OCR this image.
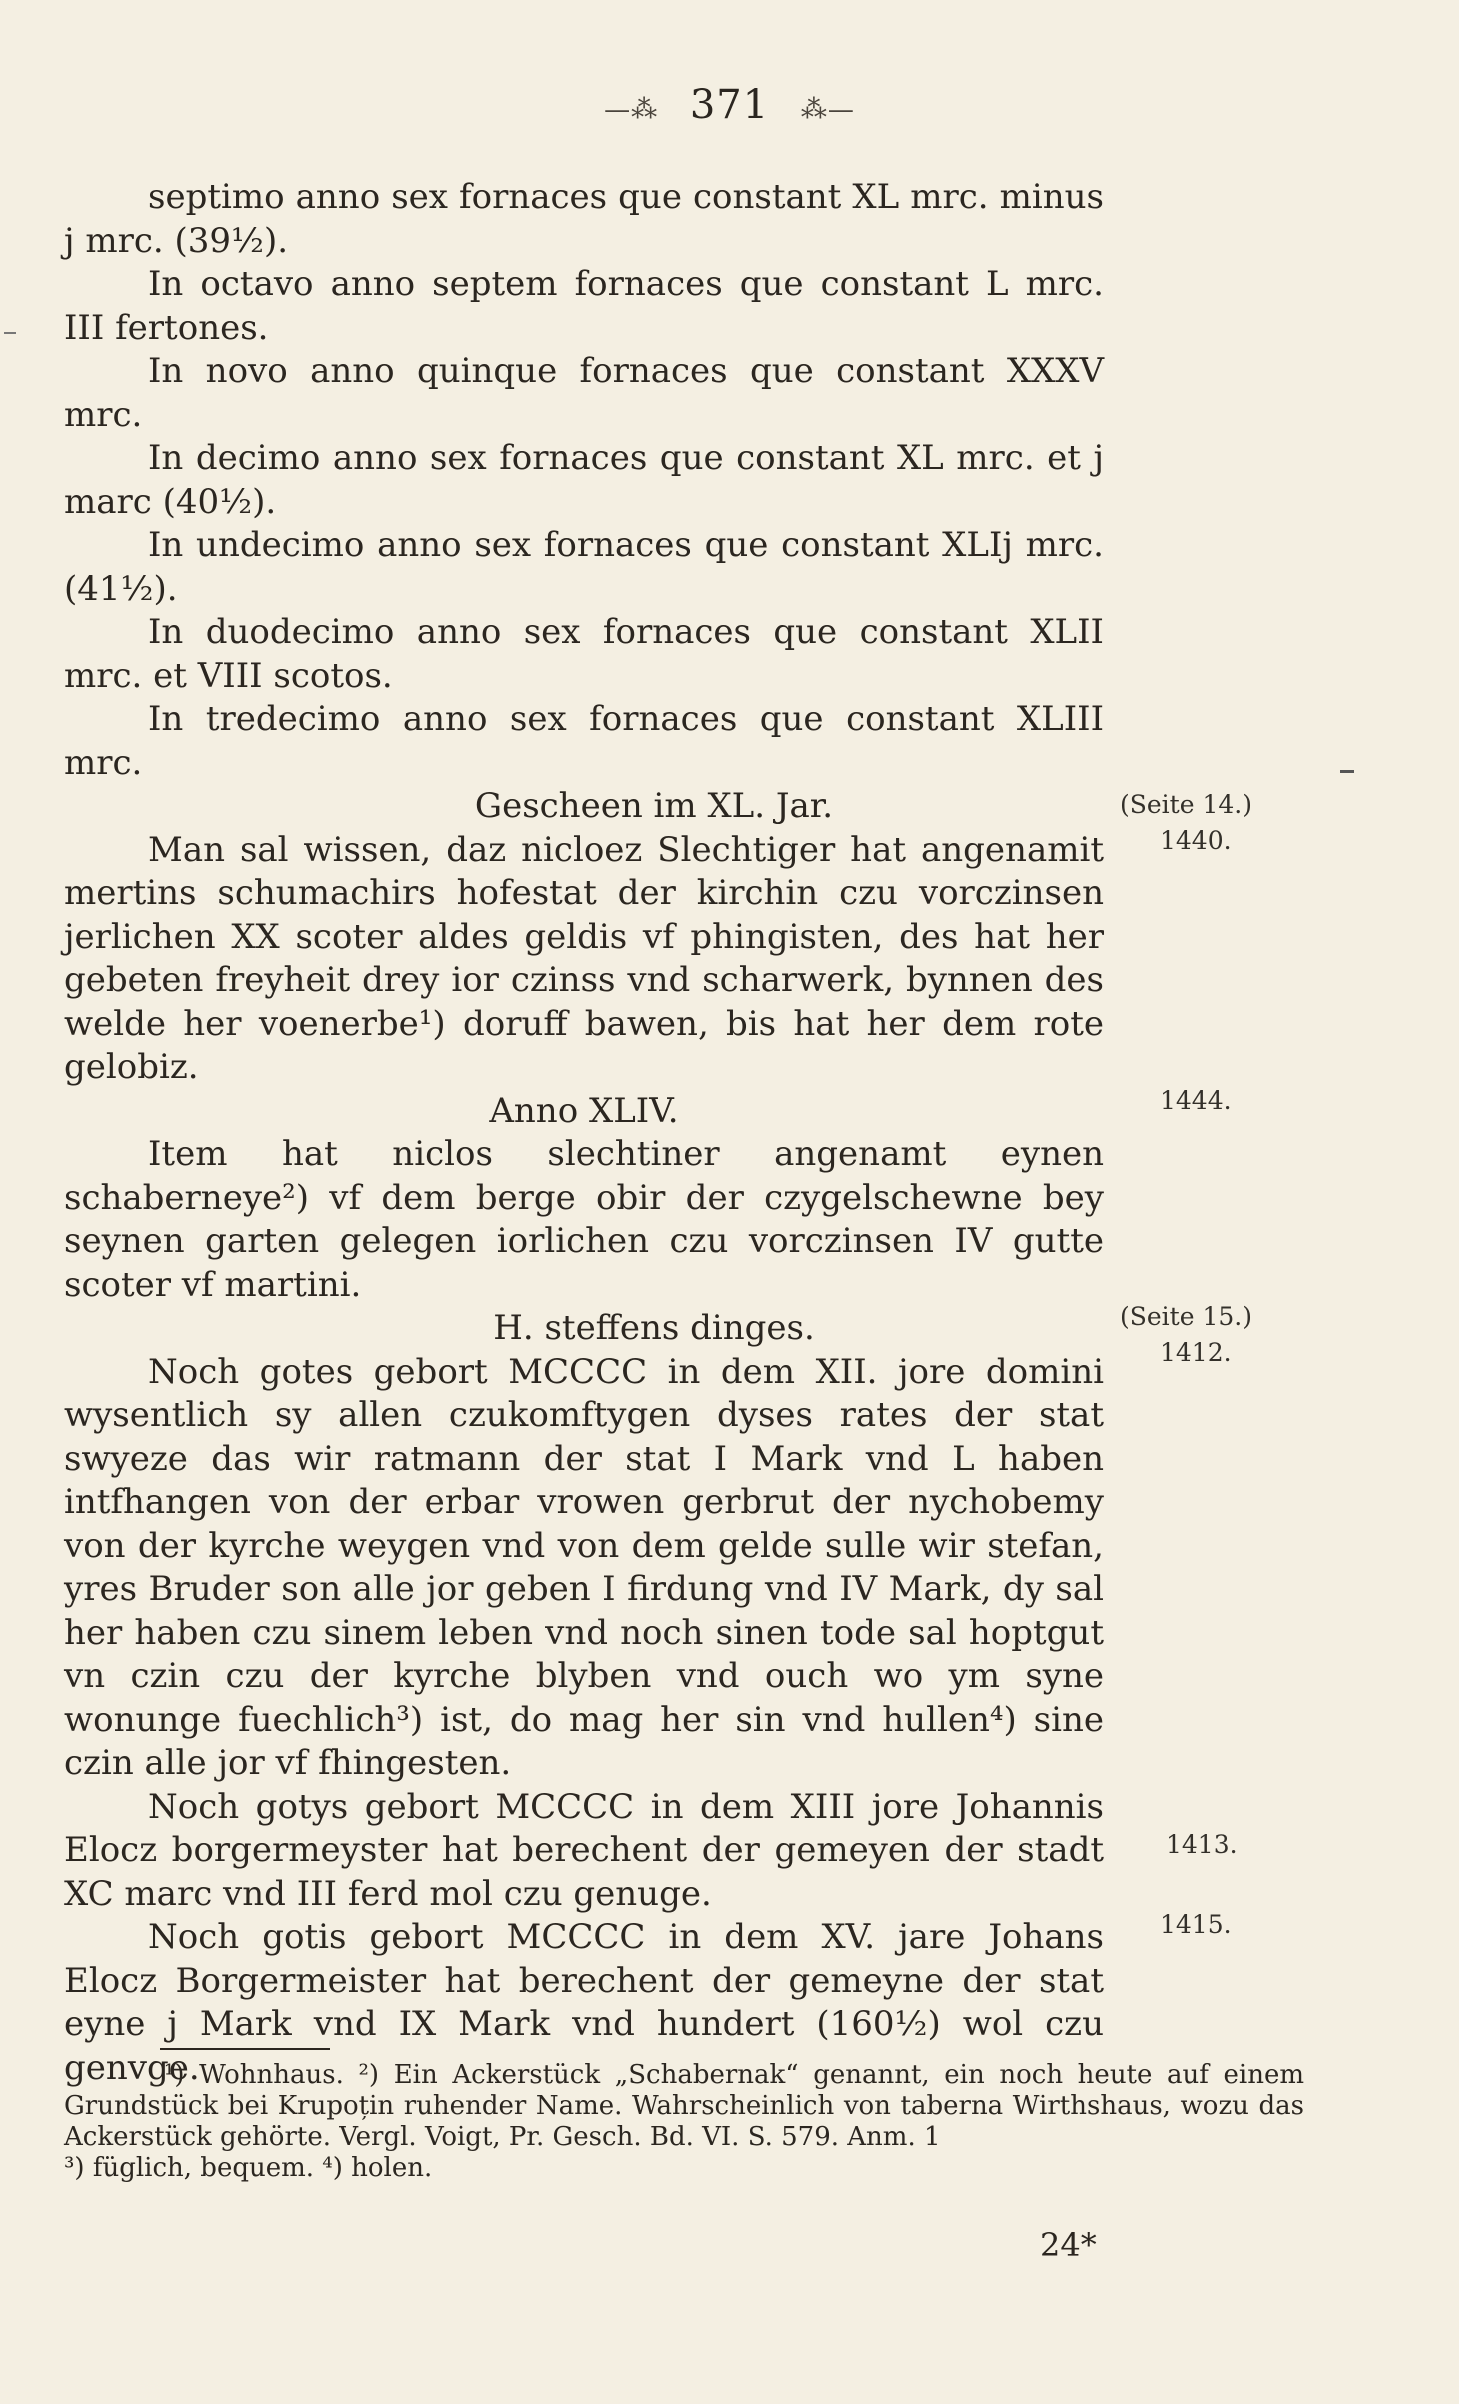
—⁂ 371 ⁂—

septimo anno sex fornaces que constant XL mrc. minus j mrc. (39½).

In octavo anno septem fornaces que constant L mrc. III fertones.

In novo anno quinque fornaces que constant XXXV mrc.

In decimo anno sex fornaces que constant XL mrc. et j marc (40½).

In undecimo anno sex fornaces que constant XLIj mrc. (41½).

In duodecimo anno sex fornaces que constant XLII mrc. et VIII scotos.

In tredecimo anno sex fornaces que constant XLIII mrc.

Gescheen im XL. Jar.

Man sal wissen, daz nicloez Slechtiger hat angenamit mertins schumachirs hofestat der kirchin czu vorczinsen jerlichen XX scoter aldes geldis vf phingisten, des hat her gebeten freyheit drey ior czinss vnd scharwerk, bynnen des welde her voenerbe¹) doruff bawen, bis hat her dem rote gelobiz.

Anno XLIV.

Item hat niclos slechtiner angenamt eynen schaberneye²) vf dem berge obir der czygelschewne bey seynen garten gelegen iorlichen czu vorczinsen IV gutte scoter vf martini.

H. steffens dinges.

Noch gotes gebort MCCCC in dem XII. jore domini wysentlich sy allen czukomftygen dyses rates der stat swyeze das wir ratmann der stat I Mark vnd L haben intfhangen von der erbar vrowen gerbrut der nychobemy von der kyrche weygen vnd von dem gelde sulle wir stefan, yres Bruder son alle jor geben I firdung vnd IV Mark, dy sal her haben czu sinem leben vnd noch sinen tode sal hoptgut vn czin czu der kyrche blyben vnd ouch wo ym syne wonunge fuechlich³) ist, do mag her sin vnd hullen⁴) sine czin alle jor vf fhingesten.

Noch gotys gebort MCCCC in dem XIII jore Johannis Elocz borgermeyster hat berechent der gemeyen der stadt XC marc vnd III ferd mol czu genuge.

Noch gotis gebort MCCCC in dem XV. jare Johans Elocz Borgermeister hat berechent der gemeyne der stat eyne j Mark vnd IX Mark vnd hundert (160½) wol czu genvge.

(Seite 14.)
1440.
1444.
(Seite 15.)
1412.
1413.
1415.

¹) Wohnhaus. ²) Ein Ackerstück „Schabernak“ genannt, ein noch heute auf einem Grundstück bei Krupoțin ruhender Name. Wahrscheinlich von taberna Wirthshaus, wozu das Ackerstück gehörte. Vergl. Voigt, Pr. Gesch. Bd. VI. S. 579. Anm. 1

³) füglich, bequem. ⁴) holen.

24*
